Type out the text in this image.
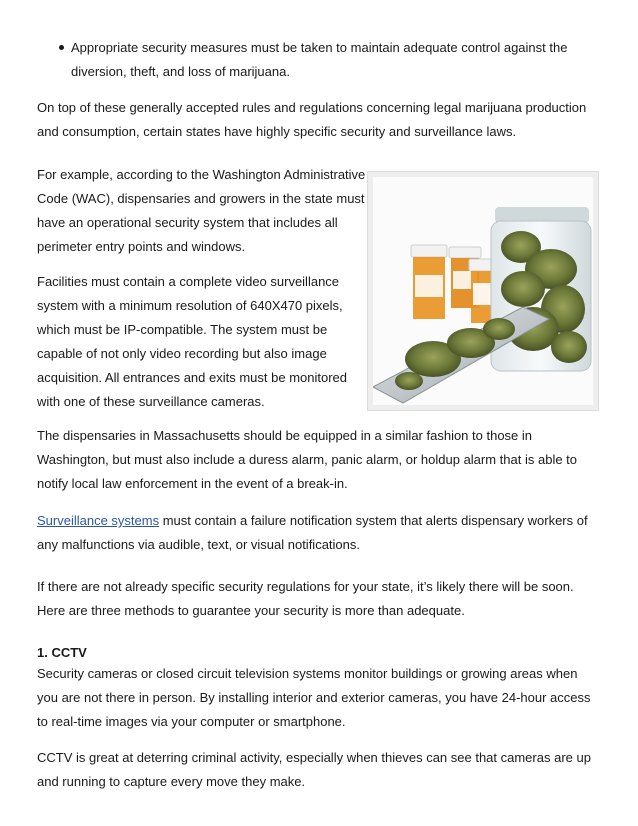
Appropriate security measures must be taken to maintain adequate control against the diversion, theft, and loss of marijuana.

On top of these generally accepted rules and regulations concerning legal marijuana production and consumption, certain states have highly specific security and surveillance laws.

For example, according to the Washington Administrative Code (WAC), dispensaries and growers in the state must have an operational security system that includes all perimeter entry points and windows.

Facilities must contain a complete video surveillance system with a minimum resolution of 640X470 pixels, which must be IP-compatible. The system must be capable of not only video recording but also image acquisition. All entrances and exits must be monitored with one of these surveillance cameras.

The dispensaries in Massachusetts should be equipped in a similar fashion to those in Washington, but must also include a duress alarm, panic alarm, or holdup alarm that is able to notify local law enforcement in the event of a break-in.

Surveillance systems must contain a failure notification system that alerts dispensary workers of any malfunctions via audible, text, or visual notifications.

If there are not already specific security regulations for your state, it’s likely there will be soon. Here are three methods to guarantee your security is more than adequate.

1. CCTV

Security cameras or closed circuit television systems monitor buildings or growing areas when you are not there in person. By installing interior and exterior cameras, you have 24-hour access to real-time images via your computer or smartphone.

CCTV is great at deterring criminal activity, especially when thieves can see that cameras are up and running to capture every move they make.
